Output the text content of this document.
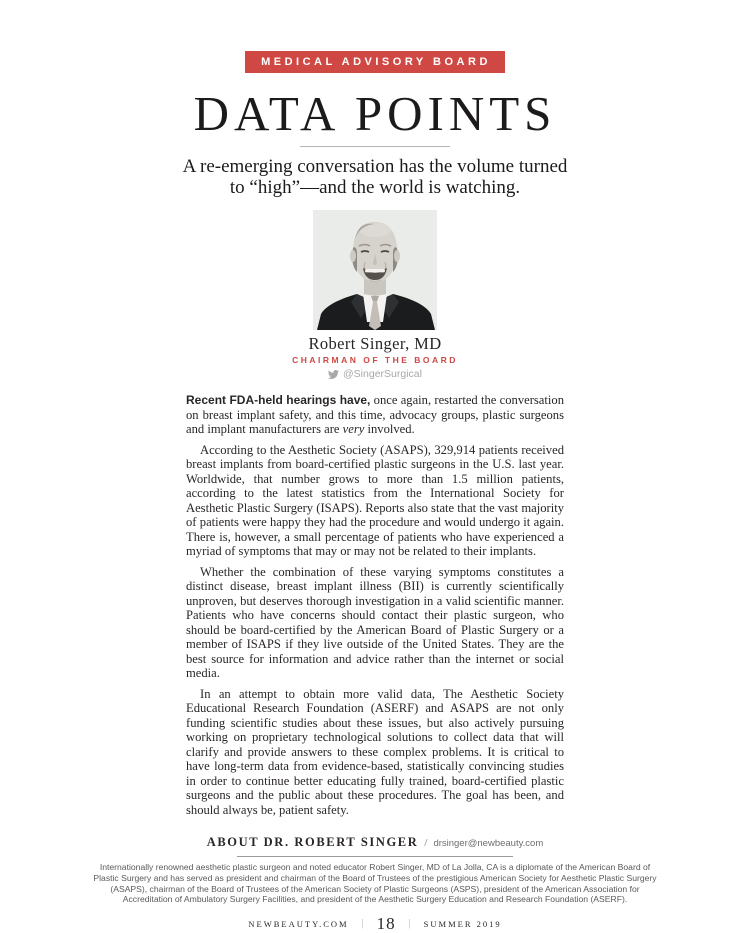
MEDICAL ADVISORY BOARD
DATA POINTS

A re-emerging conversation has the volume turned
to “high”—and the world is watching.

Robert Singer, MD
CHAIRMAN OF THE BOARD
@SingerSurgical

Recent FDA-held hearings have, once again, restarted the conversation on breast implant safety, and this time, advocacy groups, plastic surgeons and implant manufacturers are very involved.

According to the Aesthetic Society (ASAPS), 329,914 patients received breast implants from board-certified plastic surgeons in the U.S. last year. Worldwide, that number grows to more than 1.5 million patients, according to the latest statistics from the International Society for Aesthetic Plastic Surgery (ISAPS). Reports also state that the vast majority of patients were happy they had the procedure and would undergo it again. There is, however, a small percentage of patients who have experienced a myriad of symptoms that may or may not be related to their implants.

Whether the combination of these varying symptoms constitutes a distinct disease, breast implant illness (BII) is currently scientifically unproven, but deserves thorough investigation in a valid scientific manner. Patients who have concerns should contact their plastic surgeon, who should be board-certified by the American Board of Plastic Surgery or a member of ISAPS if they live outside of the United States. They are the best source for information and advice rather than the internet or social media.

In an attempt to obtain more valid data, The Aesthetic Society Educational Research Foundation (ASERF) and ASAPS are not only funding scientific studies about these issues, but also actively pursuing working on proprietary technological solutions to collect data that will clarify and provide answers to these complex problems. It is critical to have long-term data from evidence-based, statistically convincing studies in order to continue better educating fully trained, board-certified plastic surgeons and the public about these procedures. The goal has been, and should always be, patient safety.

ABOUT DR. ROBERT SINGER / drsinger@newbeauty.com

Internationally renowned aesthetic plastic surgeon and noted educator Robert Singer, MD of La Jolla, CA is a diplomate of the American Board of Plastic Surgery and has served as president and chairman of the Board of Trustees of the prestigious American Society for Aesthetic Plastic Surgery (ASAPS), chairman of the Board of Trustees of the American Society of Plastic Surgeons (ASPS), president of the American Association for Accreditation of Ambulatory Surgery Facilities, and president of the Aesthetic Surgery Education and Research Foundation (ASERF).

NEWBEAUTY.COM | 18 | SUMMER 2019
